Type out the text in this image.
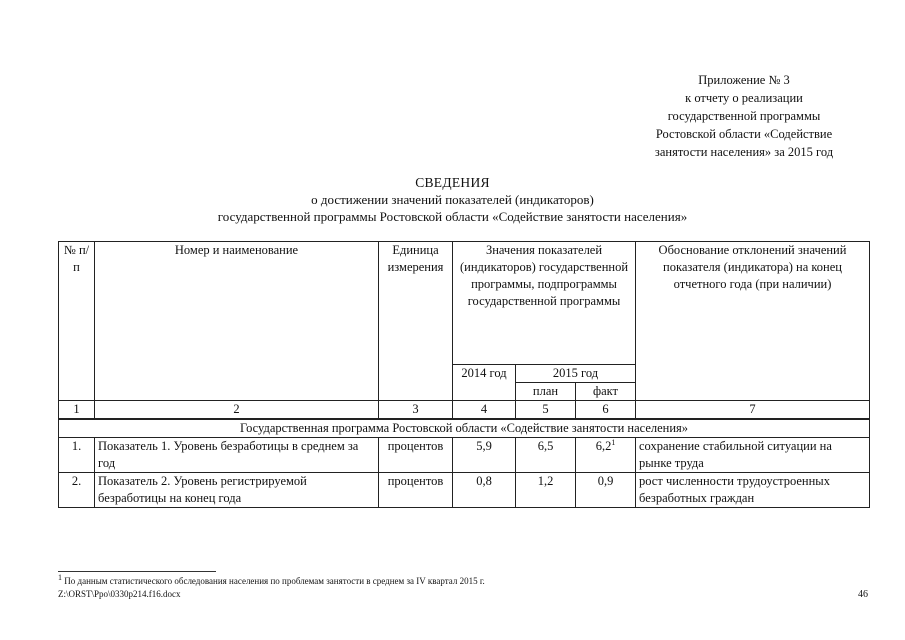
Приложение № 3
к отчету о реализации
государственной программы
Ростовской области «Содействие
занятости населения» за 2015 год
СВЕДЕНИЯ
о достижении значений показателей (индикаторов)
государственной программы Ростовской области «Содействие занятости населения»
№ п/п	Номер и наименование	Единица измерения	Значения показателей (индикаторов) государственной программы, подпрограммы государственной программы			Обоснование отклонений значений показателя (индикатора) на конец отчетного года (при наличии)
			2014 год	2015 год		
				план	факт	
1	2	3	4	5	6	7
Государственная программа Ростовской области «Содействие занятости населения»						
1.	Показатель 1. Уровень безработицы в среднем за год	процентов	5,9	6,5	$6,2^1$	сохранение стабильной ситуации на рынке труда
2.	Показатель 2. Уровень регистрируемой безработицы на конец года	процентов	0,8	1,2	0,9	рост численности трудоустроенных безработных граждан
$^1$ По данным статистического обследования населения по проблемам занятости в среднем за IV квартал 2015 г.
Z:\ORST\Ppo\0330p214.f16.docx	46
